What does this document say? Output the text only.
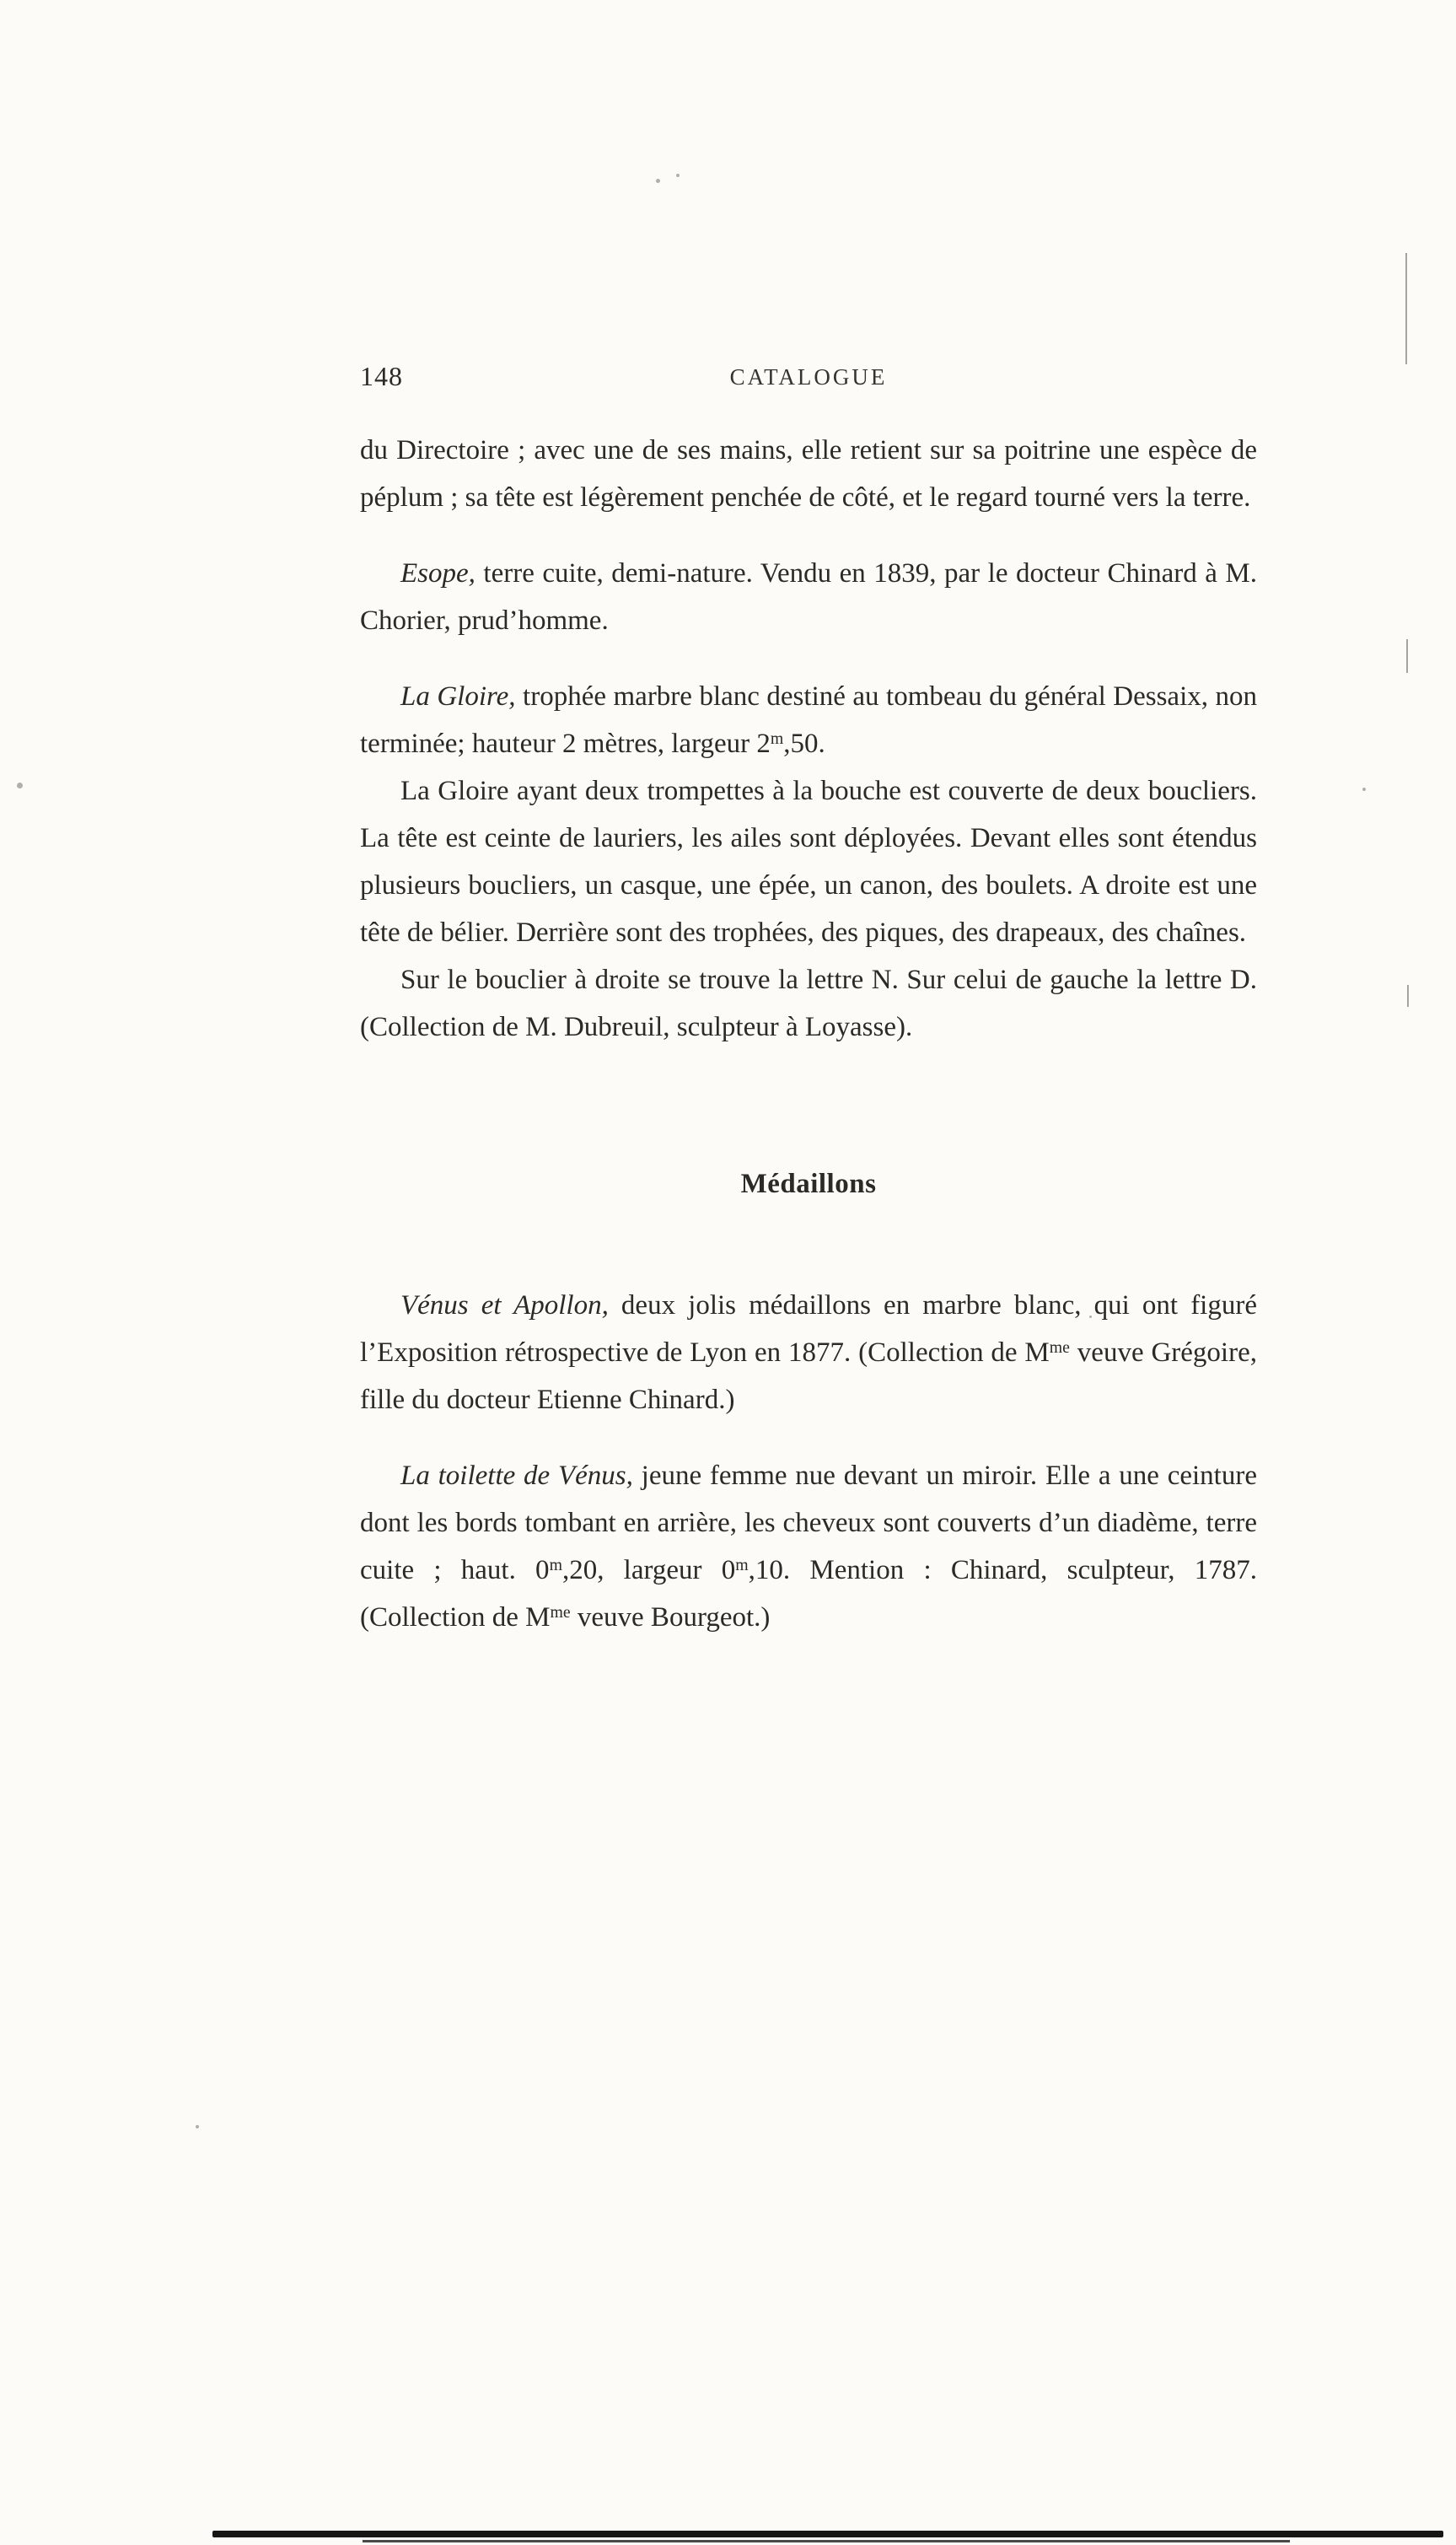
148	CATALOGUE

du Directoire ; avec une de ses mains, elle retient sur sa poitrine une espèce de péplum ; sa tête est légèrement penchée de côté, et le regard tourné vers la terre.

Esope, terre cuite, demi-nature. Vendu en 1839, par le docteur Chinard à M. Chorier, prud’homme.

La Gloire, trophée marbre blanc destiné au tombeau du général Dessaix, non terminée; hauteur 2 mètres, largeur 2$^m$,50.

La Gloire ayant deux trompettes à la bouche est couverte de deux boucliers. La tête est ceinte de lauriers, les ailes sont déployées. Devant elles sont étendus plusieurs boucliers, un casque, une épée, un canon, des boulets. A droite est une tête de bélier. Derrière sont des trophées, des piques, des drapeaux, des chaînes.

Sur le bouclier à droite se trouve la lettre N. Sur celui de gauche la lettre D. (Collection de M. Dubreuil, sculpteur à Loyasse).

Médaillons

Vénus et Apollon, deux jolis médaillons en marbre blanc, qui ont figuré l’Exposition rétrospective de Lyon en 1877. (Collection de $M^{me}$ veuve Grégoire, fille du docteur Etienne Chinard.)

La toilette de Vénus, jeune femme nue devant un miroir. Elle a une ceinture dont les bords tombant en arrière, les cheveux sont couverts d’un diadème, terre cuite ; haut. 0$^m$,20, largeur 0$^m$,10. Mention : Chinard, sculpteur, 1787. (Collection de $M^{me}$ veuve Bourgeot.)
